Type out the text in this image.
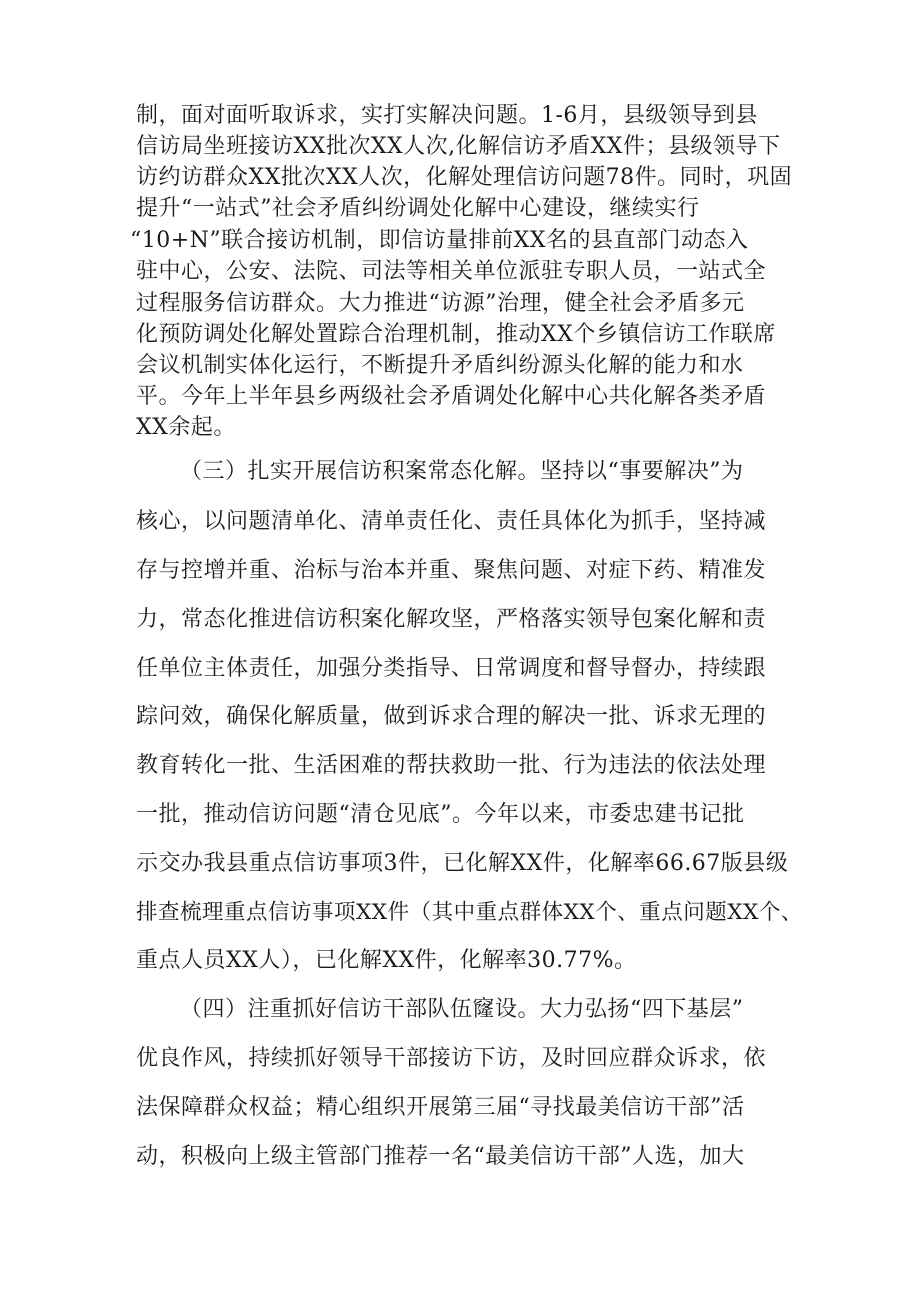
制，面对面听取诉求，实打实解决问题。1-6月，县级领导到县
信访局坐班接访XX批次XX人次,化解信访矛盾XX件；县级领导下
访约访群众XX批次XX人次，化解处理信访问题78件。同时，巩固
提升“一站式”社会矛盾纠纷调处化解中心建设，继续实行
“10+N”联合接访机制，即信访量排前XX名的县直部门动态入
驻中心，公安、法院、司法等相关单位派驻专职人员，一站式全
过程服务信访群众。大力推进“访源”治理，健全社会矛盾多元
化预防调处化解处置踪合治理机制，推动XX个乡镇信访工作联席
会议机制实体化运行，不断提升矛盾纠纷源头化解的能力和水
平。今年上半年县乡两级社会矛盾调处化解中心共化解各类矛盾
XX余起。
（三）扎实开展信访积案常态化解。坚持以“事要解决”为
核心，以问题清单化、清单责任化、责任具体化为抓手，坚持减
存与控增并重、治标与治本并重、聚焦问题、对症下药、精准发
力，常态化推进信访积案化解攻坚，严格落实领导包案化解和责
任单位主体责任，加强分类指导、日常调度和督导督办，持续跟
踪问效，确保化解质量，做到诉求合理的解决一批、诉求无理的
教育转化一批、生活困难的帮扶救助一批、行为违法的依法处理
一批，推动信访问题“清仓见底”。今年以来，市委忠建书记批
示交办我县重点信访事项3件，已化解XX件，化解率66.67版县级
排查梳理重点信访事项XX件（其中重点群体XX个、重点问题XX个、
重点人员XX人），已化解XX件，化解率30.77%。
（四）注重抓好信访干部队伍窿设。大力弘扬“四下基层”
优良作风，持续抓好领导干部接访下访，及时回应群众诉求，依
法保障群众权益；精心组织开展第三届“寻找最美信访干部”活
动，积极向上级主管部门推荐一名“最美信访干部”人选，加大
